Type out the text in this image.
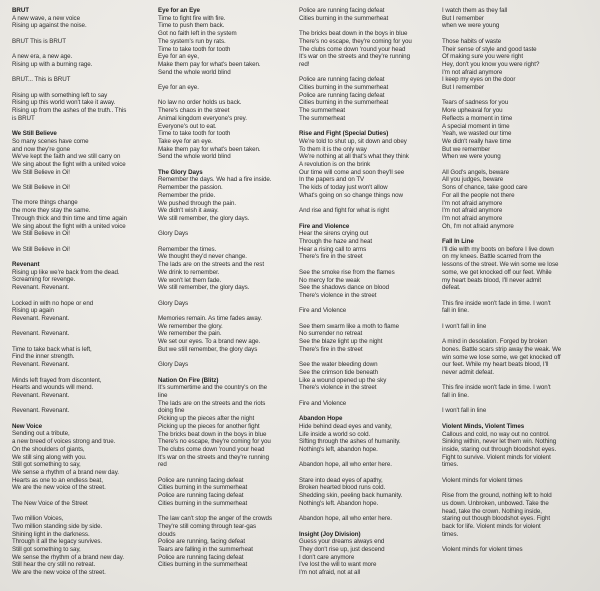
BRUT
A new wave, a new voice
Rising up against the noise.
BRUT This is BRUT
A new era, a new age.
Rising up with a burning rage.
BRUT... This is BRUT
Rising up with something left to say
Rising up this world won't take it away.
Rising up from the ashes of the truth.. This
is BRUT
We Still Believe
So many scenes have come
and now they're gone
We've kept the faith and we still carry on
We sing about the fight with a united voice
We Still Believe in Oi!
We Still Believe in Oi!
The more things change
the more they stay the same.
Through thick and thin time and time again
We sing about the fight with a united voice
We Still Believe in Oi!
We Still Believe in Oi!
Revenant
Rising up like we're back from the dead.
Screaming for revenge.
Revenant. Revenant.
Locked in with no hope or end
Rising up again
Revenant. Revenant.
Revenant. Revenant.
Time to take back what is left,
Find the inner strength.
Revenant. Revenant.
Minds left frayed from discontent,
Hearts and wounds will mend.
Revenant. Revenant.
Revenant. Revenant.
New Voice
Sending out a tribute,
a new breed of voices strong and true.
On the shoulders of giants,
We still sing along with you.
Still got something to say,
We sense a rhythm of a brand new day.
Hearts as one to an endless beat,
We are the new voice of the street.
The New Voice of the Street
Two million Voices,
Two million standing side by side.
Shining light in the darkness.
Through it all the legacy survives.
Still got something to say,
We sense the rhythm of a brand new day.
Still hear the cry still no retreat.
We are the new voice of the street.
Eye for an Eye
Time to fight fire with fire.
Time to push them back.
Got no faith left in the system
The system's run by rats.
Time to take tooth for tooth
Eye for an eye,
Make them pay for what's been taken.
Send the whole world blind
Eye for an eye.
No law no order holds us back.
There's chaos in the street
Animal kingdom everyone's prey.
Everyone's out to eat.
Time to take tooth for tooth
Take eye for an eye.
Make them pay for what's been taken.
Send the whole world blind
The Glory Days
Remember the days. We had a fire inside.
Remember the passion.
Remember the pride.
We pushed through the pain.
We didn't wish it away.
We still remember, the glory days.
Glory Days
Remember the times.
We thought they'd never change.
The lads are on the streets and the rest
We drink to remember.
We won't let them fade.
We still remember, the glory days.
Glory Days
Memories remain. As time fades away.
We remember the glory.
We remember the pain.
We set our eyes. To a brand new age.
But we still remember, the glory days
Glory Days
Nation On Fire (Blitz)
It's summertime and the country's on the
line
The lads are on the streets and the riots
doing fine
Picking up the pieces after the night
Picking up the pieces for another fight
The bricks beat down in the boys in blue
There's no escape, they're coming for you
The clubs come down 'round your head
It's war on the streets and they're running
red
Police are running facing defeat
Cities burning in the summerheat
Police are running facing defeat
Cities burning in the summerheat
The law can't stop the anger of the crowds
They're still coming through tear-gas
clouds
Police are running, facing defeat
Tears are falling in the summerheat
Police are running facing defeat
Cities burning in the summerheat
Police are running facing defeat
Cities burning in the summerheat
The bricks beat down in the boys in blue
There's no escape, they're coming for you
The clubs come down 'round your head
It's war on the streets and they're running
red!
Police are running facing defeat
Cities burning in the summerheat
Police are running facing defeat
Cities burning in the summerheat
The summerheat
The summerheat
Rise and Fight (Special Duties)
We're told to shut up, sit down and obey
To them it is the only way
We're nothing at all that's what they think
A revolution is on the brink
Our time will come and soon they'll see
In the papers and on TV
The kids of today just won't allow
What's going on so change things now
And rise and fight for what is right
Fire and Violence
Hear the sirens crying out
Through the haze and heat
Hear a rising call to arms
There's fire in the street
See the smoke rise from the flames
No mercy for the weak
See the shadows dance on blood
There's violence in the street
Fire and Violence
See them swarm like a moth to flame
No surrender no retreat
See the blaze light up the night
There's fire in the street
See the water bleeding down
See the crimson tide beneath
Like a wound opened up the sky
There's violence in the street
Fire and Violence
Abandon Hope
Hide behind dead eyes and vanity,
Life inside a world so cold.
Sifting through the ashes of humanity.
Nothing's left, abandon hope.
Abandon hope, all who enter here.
Stare into dead eyes of apathy,
Broken hearted blood runs cold.
Shedding skin, peeling back humanity.
Nothing's left. Abandon hope.
Abandon hope, all who enter here.
Insight (Joy Division)
Guess your dreams always end
They don't rise up, just descend
I don't care anymore
I've lost the will to want more
I'm not afraid, not at all
I watch them as they fall
But I remember
when we were young
Those habits of waste
Their sense of style and good taste
Of making sure you were right
Hey, don't you know you were right?
I'm not afraid anymore
I keep my eyes on the door
But I remember
Tears of sadness for you
More upheaval for you
Reflects a moment in time
A special moment in time
Yeah, we wasted our time
We didn't really have time
But we remember
When we were young
All God's angels, beware
All you judges, beware
Sons of chance, take good care
For all the people not there
I'm not afraid anymore
I'm not afraid anymore
I'm not afraid anymore
Oh, I'm not afraid anymore
Fall In Line
I'll die with my boots on before I live down
on my knees. Battle scarred from the
lessons of the street. We win some we lose
some, we get knocked off our feet. While
my heart beats blood, I'll never admit
defeat.
This fire inside won't fade in time. I won't
fall in line.
I won't fall in line
A mind in desolation. Forged by broken
bones. Battle scars strip away the weak. We
win some we lose some, we get knocked off
our feet. While my heart beats blood, I'll
never admit defeat.
This fire inside won't fade in time. I won't
fall in line.
I won't fall in line
Violent Minds, Violent Times
Callous and cold, no way out no control.
Sinking within, never let them win. Nothing
inside, staring out through bloodshot eyes.
Fight to survive. Violent minds for violent
times.
Violent minds for violent times
Rise from the ground, nothing left to hold
us down. Unbroken, unbowed. Take the
head, take the crown. Nothing inside,
staring out though bloodshot eyes. Fight
back for life. Violent minds for violent
times.
Violent minds for violent times
